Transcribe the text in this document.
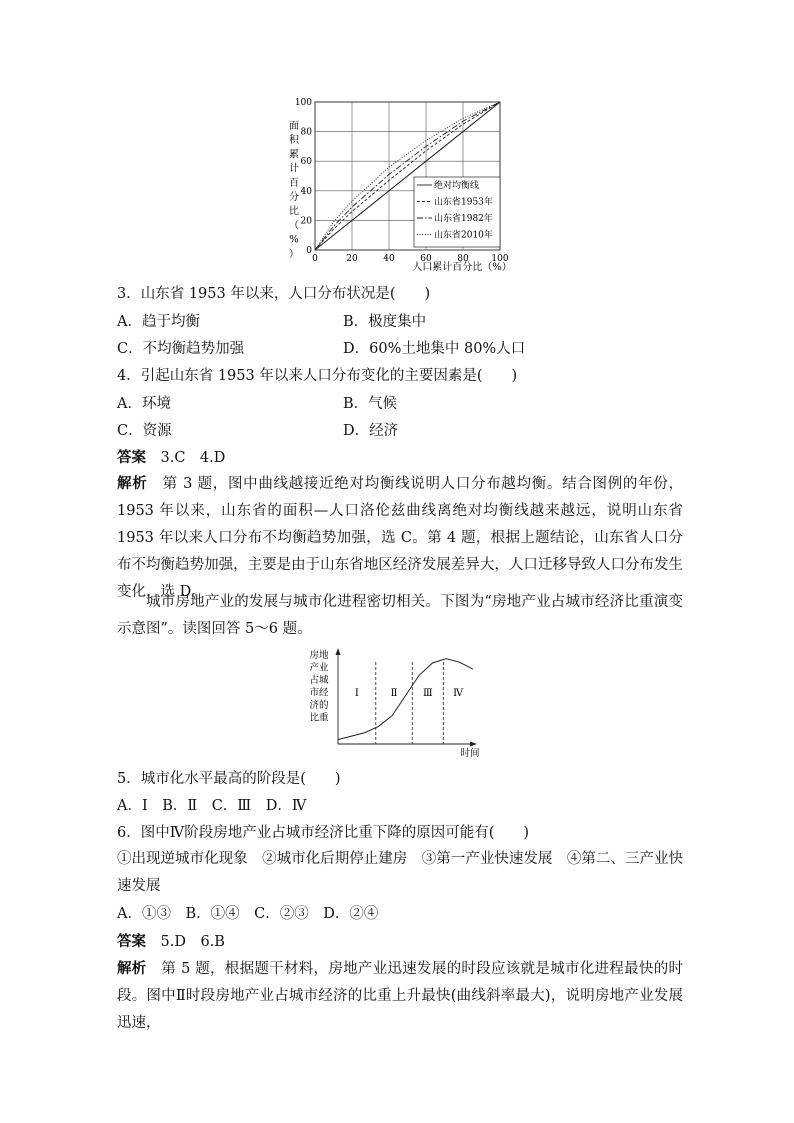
100
80
60
40
20
0
0	20	40	60	80	100
绝对均衡线
山东省1953年
山东省1982年
山东省2010年
面
积
累
计
百
分
比
（
%
）
人口累计百分比（%）
3．山东省 1953 年以来，人口分布状况是(　　)
A．趋于均衡	B．极度集中
C．不均衡趋势加强	D．60%土地集中 80%人口
4．引起山东省 1953 年以来人口分布变化的主要因素是(　　)
A．环境	B．气候
C．资源	D．经济
答案  3.C　4.D
解析  第 3 题，图中曲线越接近绝对均衡线说明人口分布越均衡。结合图例的年份，1953 年以来，山东省的面积—人口洛伦兹曲线离绝对均衡线越来越远，说明山东省 1953 年以来人口分布不均衡趋势加强，选 C。第 4 题，根据上题结论，山东省人口分布不均衡趋势加强，主要是由于山东省地区经济发展差异大，人口迁移导致人口分布发生变化，选 D。
城市房地产业的发展与城市化进程密切相关。下图为“房地产业占城市经济比重演变示意图”。读图回答 5～6 题。
房地
产业
占城
市经
济的
比重
Ⅰ	Ⅱ	Ⅲ Ⅳ
时间
5．城市化水平最高的阶段是(　　)
A．Ⅰ　B．Ⅱ　C．Ⅲ　D．Ⅳ
6．图中Ⅳ阶段房地产业占城市经济比重下降的原因可能有(　　)
①出现逆城市化现象　②城市化后期停止建房　③第一产业快速发展　④第二、三产业快速发展
A．①③　B．①④　C．②③　D．②④
答案  5.D　6.B
解析  第 5 题，根据题干材料，房地产业迅速发展的时段应该就是城市化进程最快的时段。图中Ⅱ时段房地产业占城市经济的比重上升最快(曲线斜率最大)，说明房地产业发展迅速，
